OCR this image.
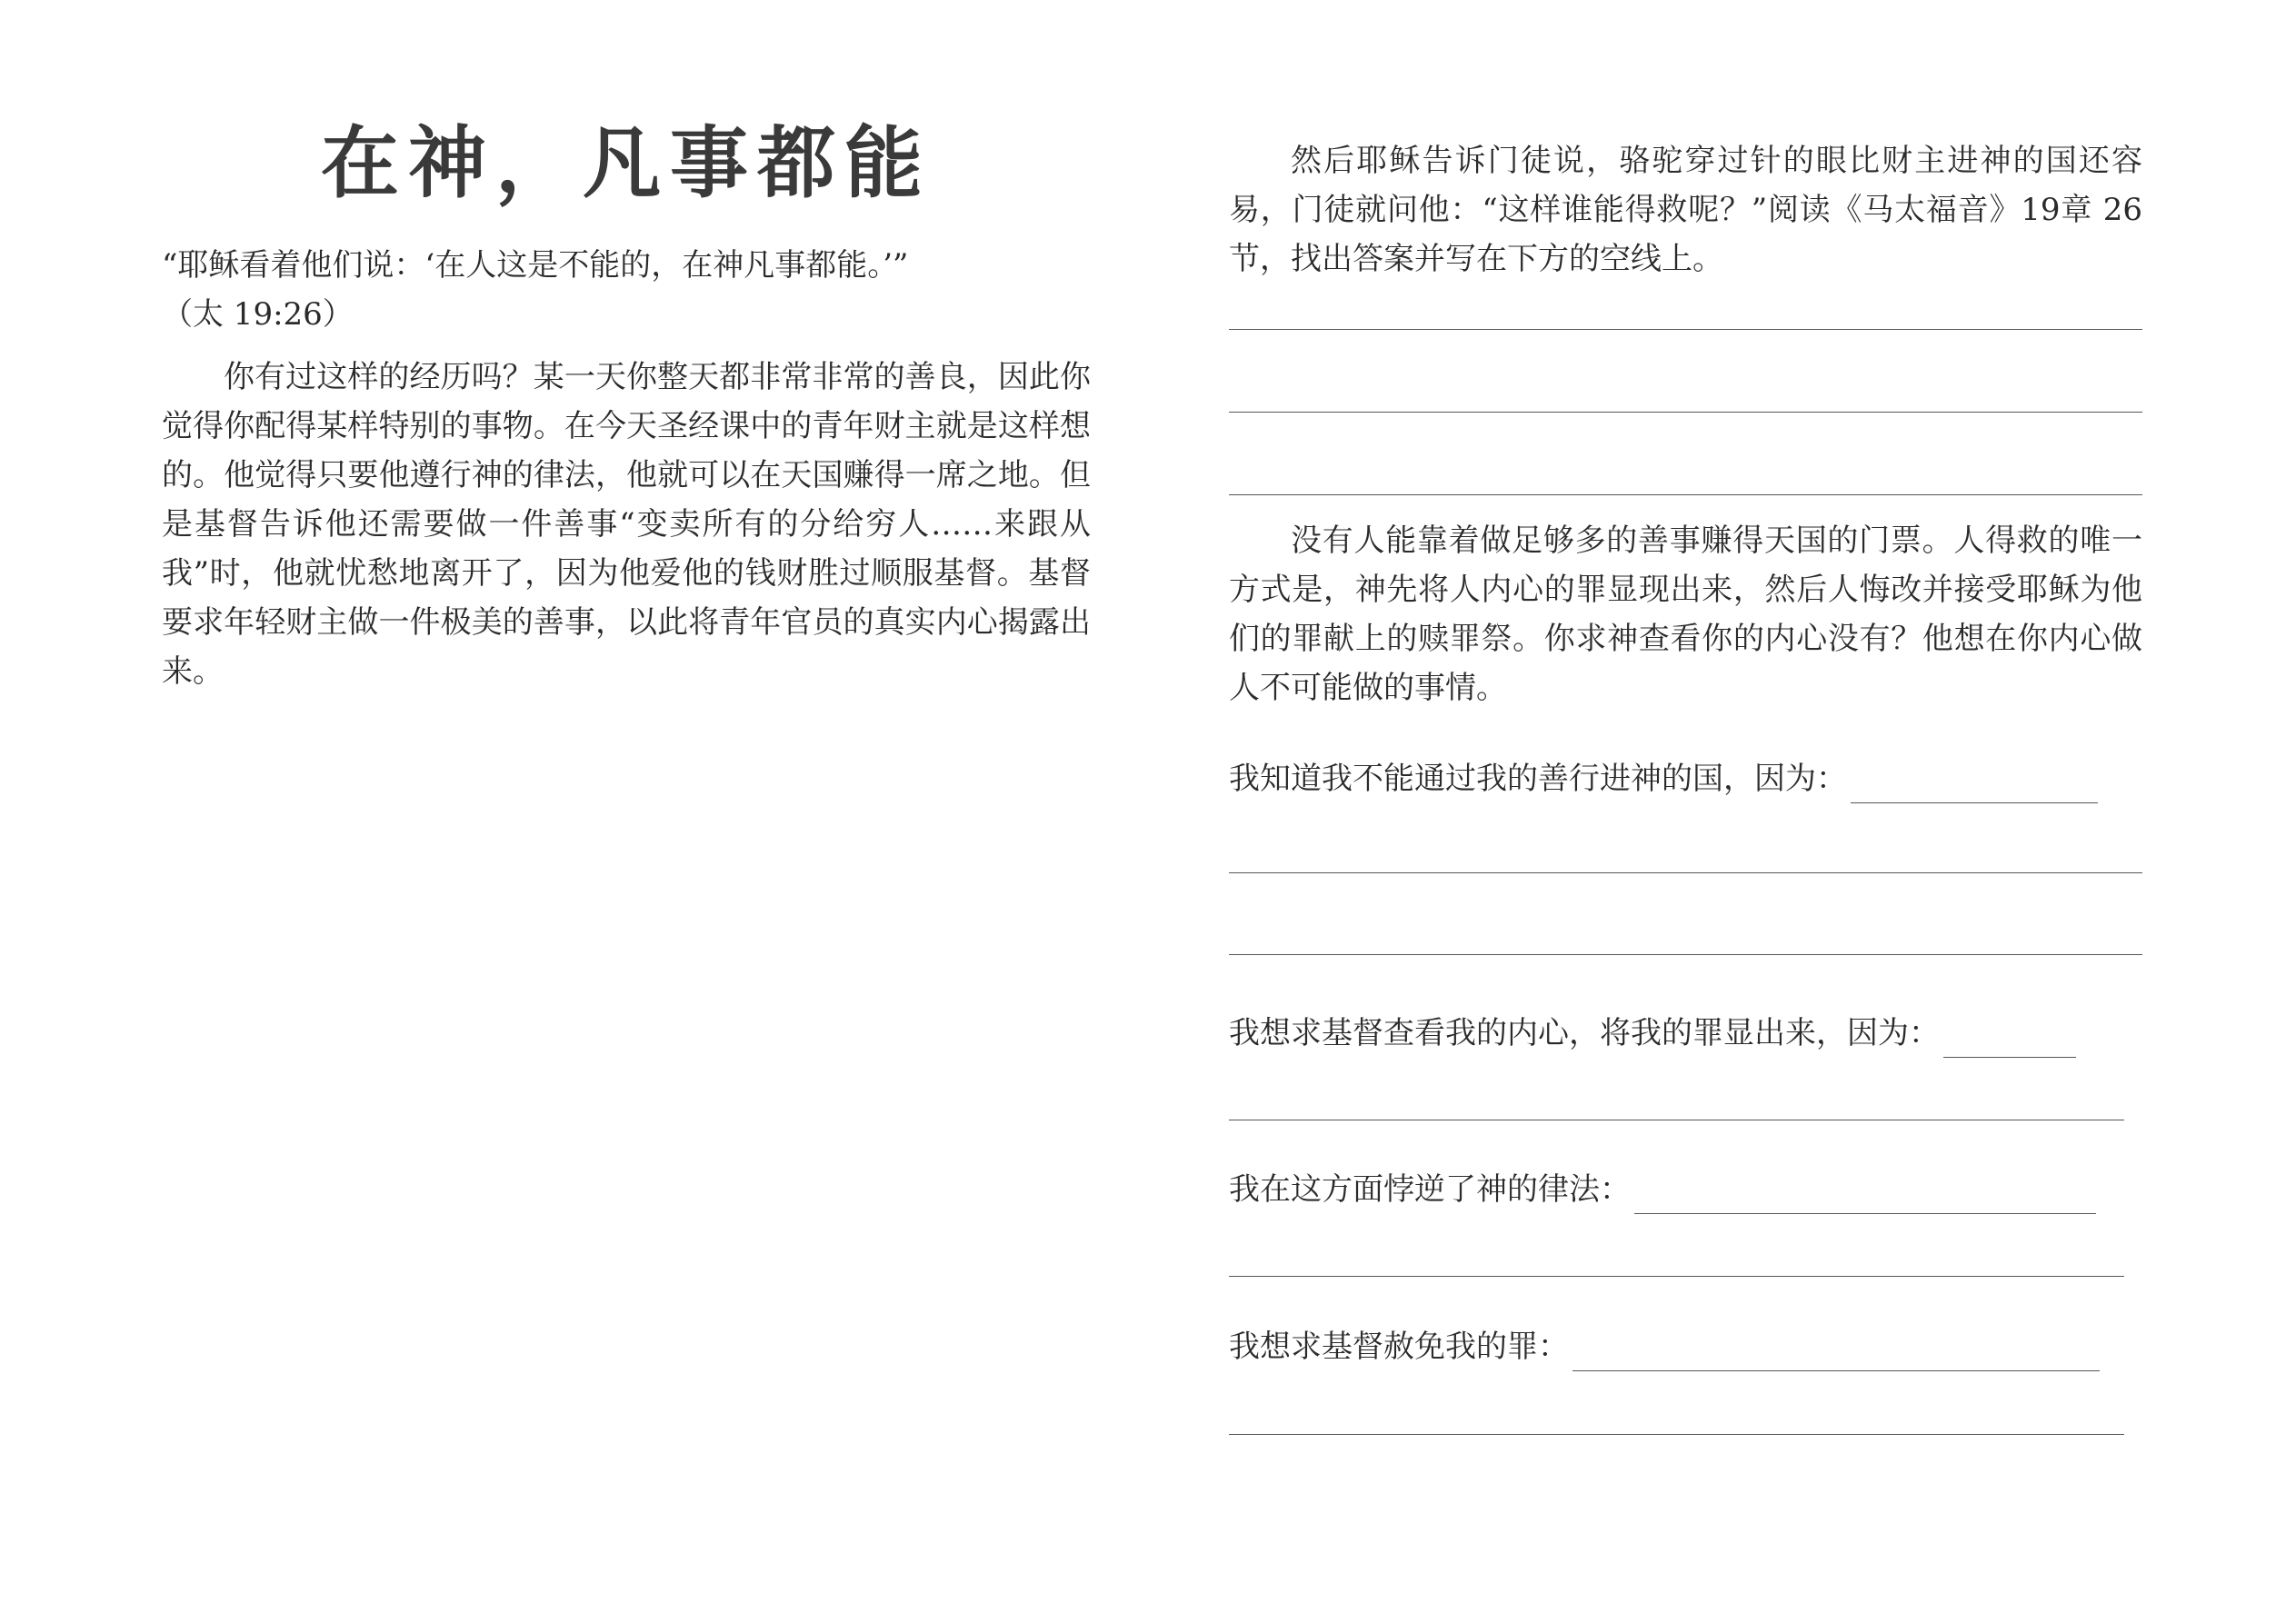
在神，凡事都能
“耶稣看着他们说：‘在人这是不能的，在神凡事都能。’”
（太 19:26）

你有过这样的经历吗？某一天你整天都非常非常的善良，因此你觉得你配得某样特别的事物。在今天圣经课中的青年财主就是这样想的。他觉得只要他遵行神的律法，他就可以在天国赚得一席之地。但是基督告诉他还需要做一件善事“变卖所有的分给穷人……来跟从我”时，他就忧愁地离开了，因为他爱他的钱财胜过顺服基督。基督要求年轻财主做一件极美的善事，以此将青年官员的真实内心揭露出来。

然后耶稣告诉门徒说，骆驼穿过针的眼比财主进神的国还容易，门徒就问他：“这样谁能得救呢？”阅读《马太福音》19章 26 节，找出答案并写在下方的空线上。

没有人能靠着做足够多的善事赚得天国的门票。人得救的唯一方式是，神先将人内心的罪显现出来，然后人悔改并接受耶稣为他们的罪献上的赎罪祭。你求神查看你的内心没有？他想在你内心做人不可能做的事情。

我知道我不能通过我的善行进神的国，因为：
我想求基督查看我的内心，将我的罪显出来，因为：
我在这方面悖逆了神的律法：
我想求基督赦免我的罪：
